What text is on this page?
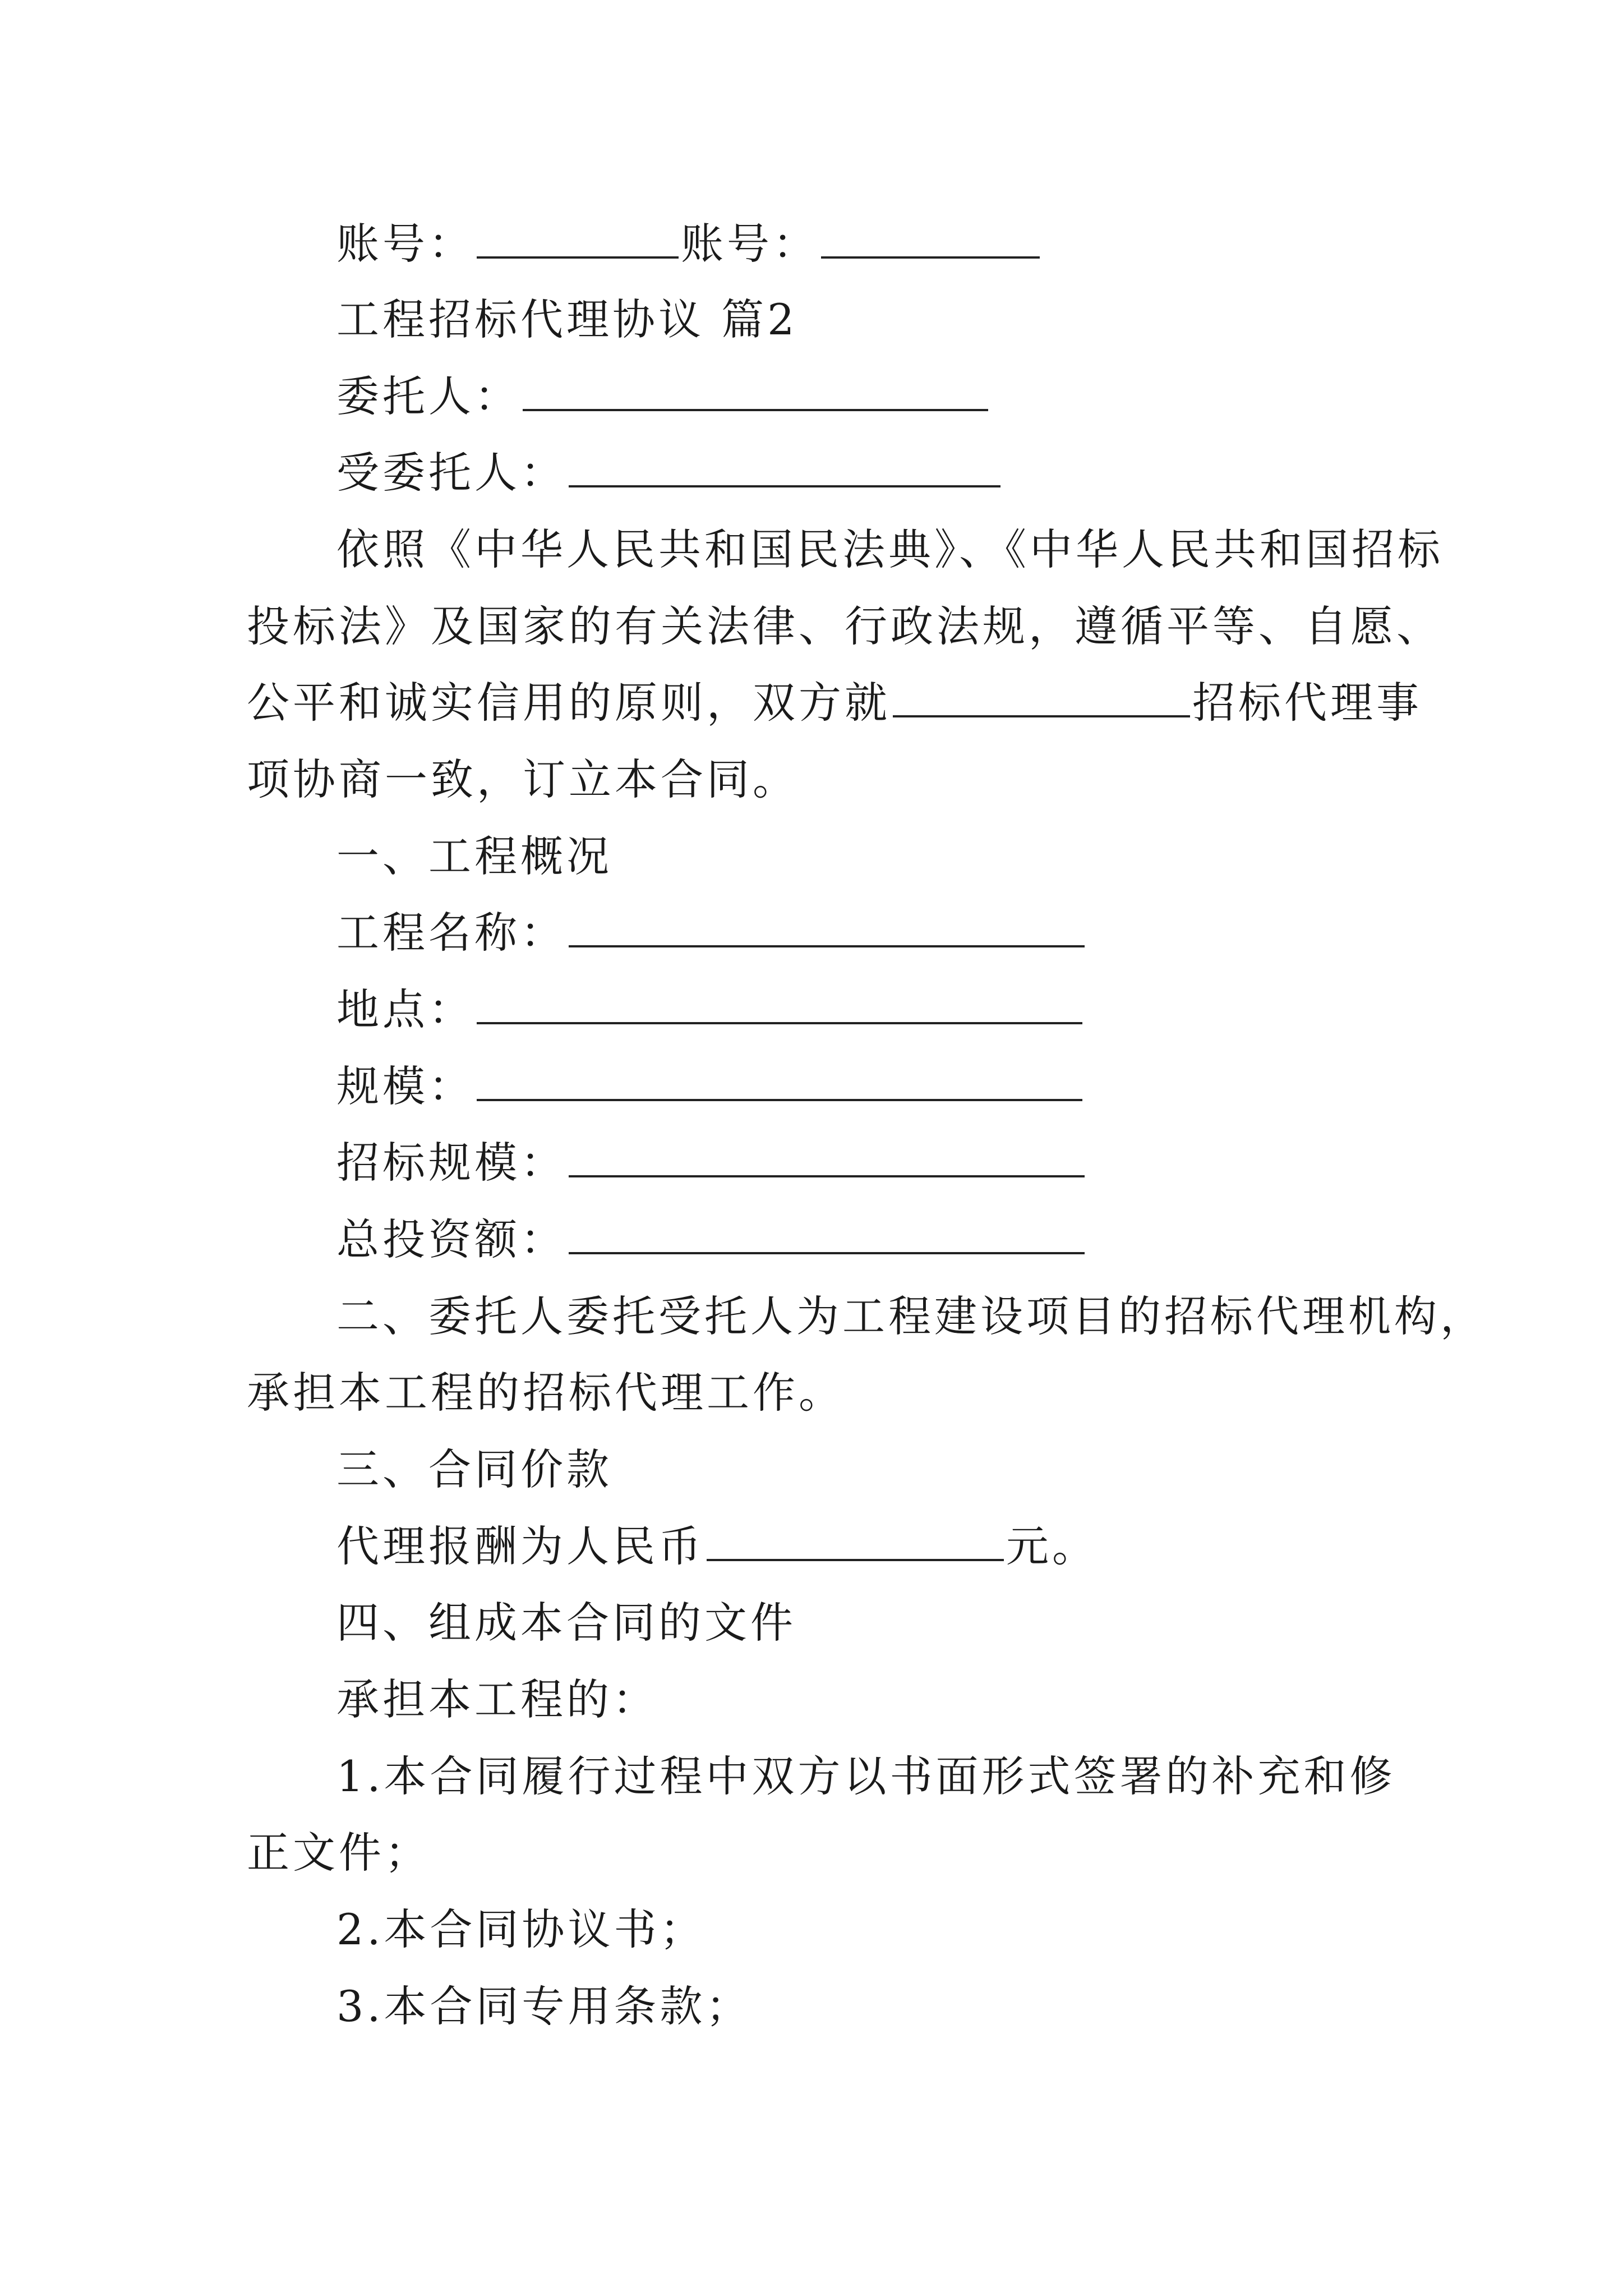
账号：	账号：
工程招标代理协议 篇2
委托人：
受委托人：
依照《中华人民共和国民法典》、《中华人民共和国招标
投标法》及国家的有关法律、行政法规，遵循平等、自愿、
公平和诚实信用的原则，双方就	招标代理事
项协商一致，订立本合同。
一、工程概况
工程名称：
地点：
规模：
招标规模：
总投资额：
二、委托人委托受托人为工程建设项目的招标代理机构，
承担本工程的招标代理工作。
三、合同价款
代理报酬为人民币	元。
四、组成本合同的文件
承担本工程的：
1.本合同履行过程中双方以书面形式签署的补充和修
正文件；
2.本合同协议书；
3.本合同专用条款；
